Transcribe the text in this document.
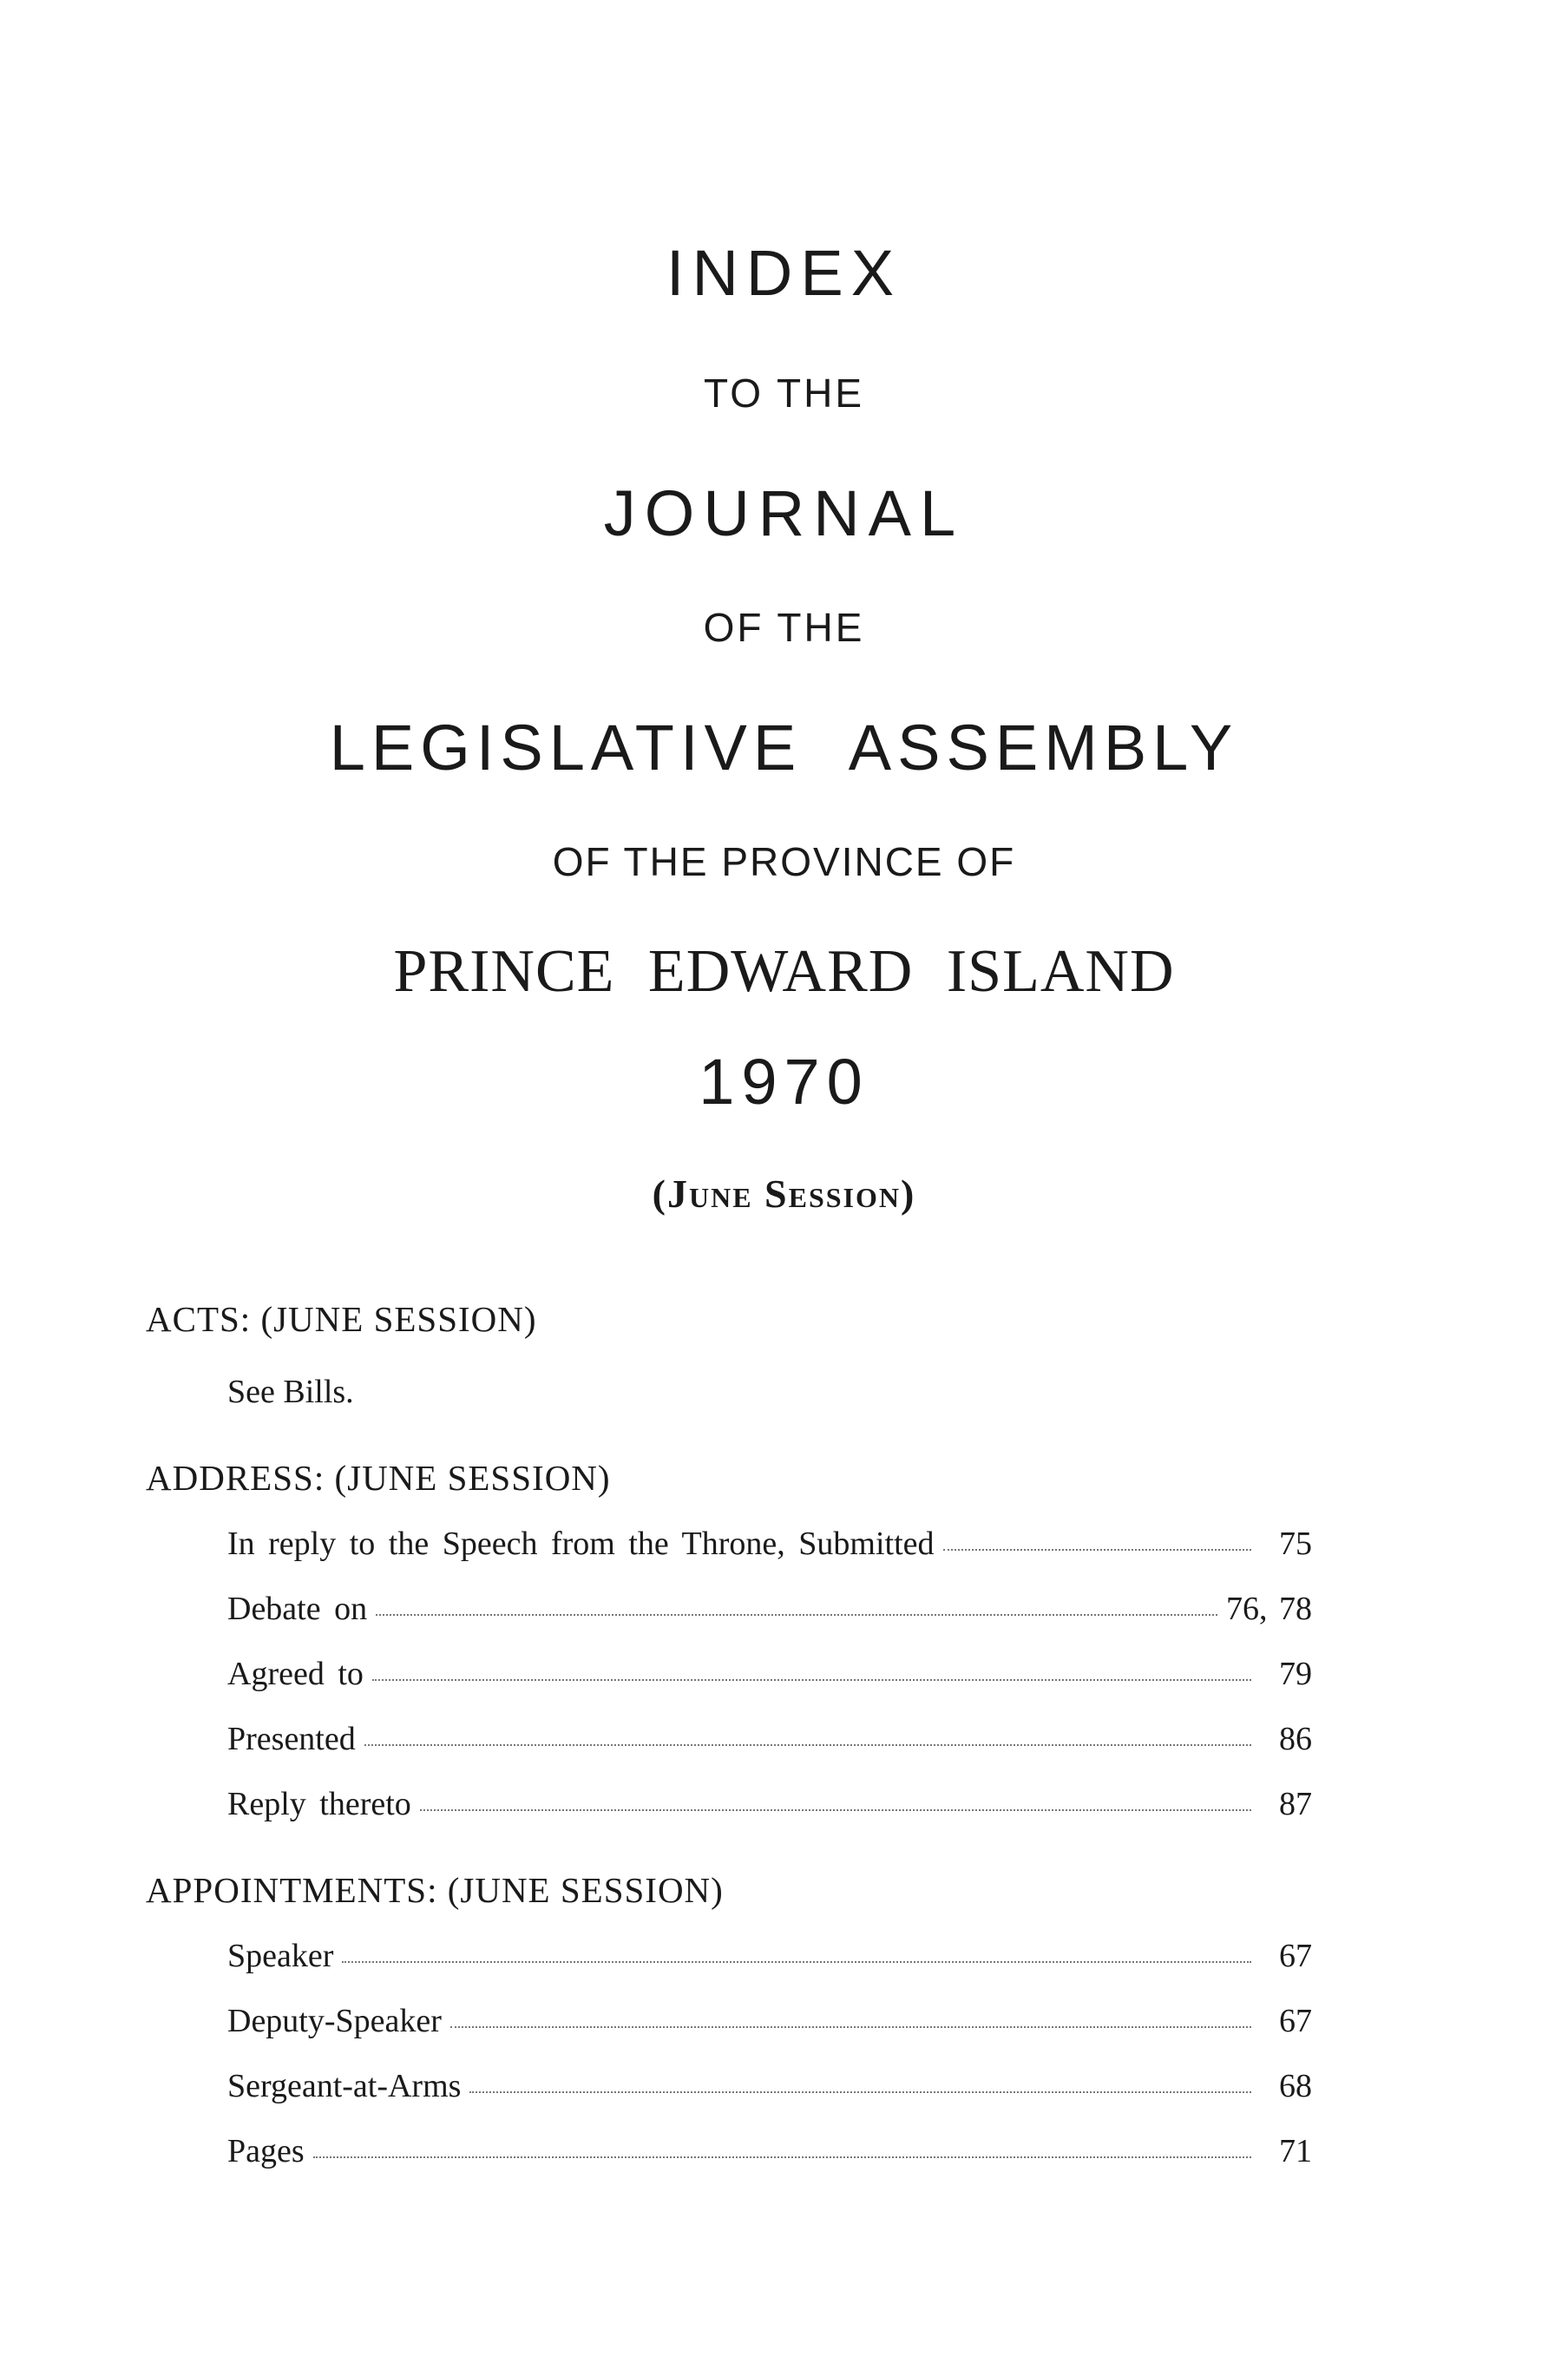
INDEX
TO THE
JOURNAL
OF THE
LEGISLATIVE ASSEMBLY
OF THE PROVINCE OF
PRINCE EDWARD ISLAND
1970
(June Session)
ACTS: (JUNE SESSION)
See Bills.
ADDRESS: (JUNE SESSION)
In reply to the Speech from the Throne, Submitted	75
Debate on	76, 78
Agreed to	79
Presented	86
Reply thereto	87
APPOINTMENTS: (JUNE SESSION)
Speaker	67
Deputy-Speaker	67
Sergeant-at-Arms	68
Pages	71
